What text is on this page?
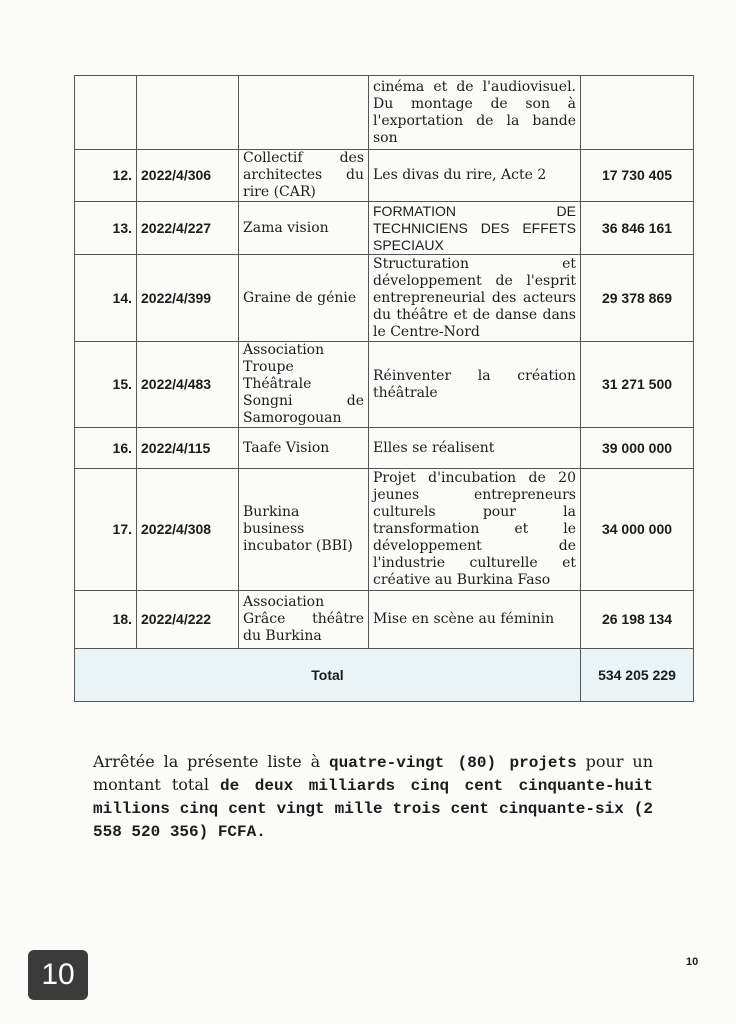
			cinéma et de l'audiovisuel. Du montage de son à l'exportation de la bande son	
12.	2022/4/306	Collectif des architectes du rire (CAR)	Les divas du rire, Acte 2	17 730 405
13.	2022/4/227	Zama vision	FORMATION DE TECHNICIENS DES EFFETS SPECIAUX	36 846 161
14.	2022/4/399	Graine de génie	Structuration et développement de l'esprit entrepreneurial des acteurs du théâtre et de danse dans le Centre-Nord	29 378 869
15.	2022/4/483	Association Troupe Théâtrale Songni de Samorogouan	Réinventer la création théâtrale	31 271 500
16.	2022/4/115	Taafe Vision	Elles se réalisent	39 000 000
17.	2022/4/308	Burkina business incubator (BBI)	Projet d'incubation de 20 jeunes entrepreneurs culturels pour la transformation et le développement de l'industrie culturelle et créative au Burkina Faso	34 000 000
18.	2022/4/222	Association Grâce théâtre du Burkina	Mise en scène au féminin	26 198 134
Total				534 205 229

Arrêtée la présente liste à quatre-vingt (80) projets pour un montant total de deux milliards cinq cent cinquante-huit millions cinq cent vingt mille trois cent cinquante-six (2 558 520 356) FCFA.

10	10
